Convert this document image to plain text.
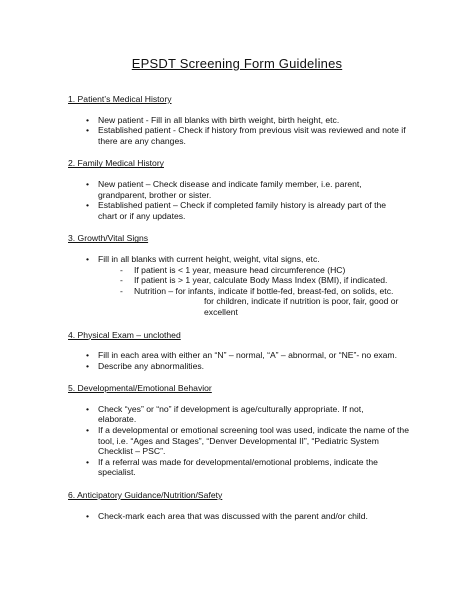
EPSDT Screening Form Guidelines

1. Patient’s Medical History

• New patient - Fill in all blanks with birth weight, birth height, etc.
• Established patient - Check if history from previous visit was reviewed and note if
there are any changes.

2. Family Medical History

• New patient – Check disease and indicate family member, i.e. parent,
grandparent, brother or sister.
• Established patient – Check if completed family history is already part of the
chart or if any updates.

3. Growth/Vital Signs

• Fill in all blanks with current height, weight, vital signs, etc.
- If patient is < 1 year, measure head circumference (HC)
- If patient is > 1 year, calculate Body Mass Index (BMI), if indicated.
- Nutrition – for infants, indicate if bottle-fed, breast-fed, on solids, etc.
for children, indicate if nutrition is poor, fair, good or excellent

4. Physical Exam – unclothed

• Fill in each area with either an “N” – normal, “A” – abnormal, or “NE”- no exam.
• Describe any abnormalities.

5. Developmental/Emotional Behavior

• Check “yes” or “no” if development is age/culturally appropriate. If not,
elaborate.
• If a developmental or emotional screening tool was used, indicate the name of the
tool, i.e. “Ages and Stages”, “Denver Developmental II”, “Pediatric System
Checklist – PSC”.
• If a referral was made for developmental/emotional problems, indicate the
specialist.

6. Anticipatory Guidance/Nutrition/Safety

• Check-mark each area that was discussed with the parent and/or child.
